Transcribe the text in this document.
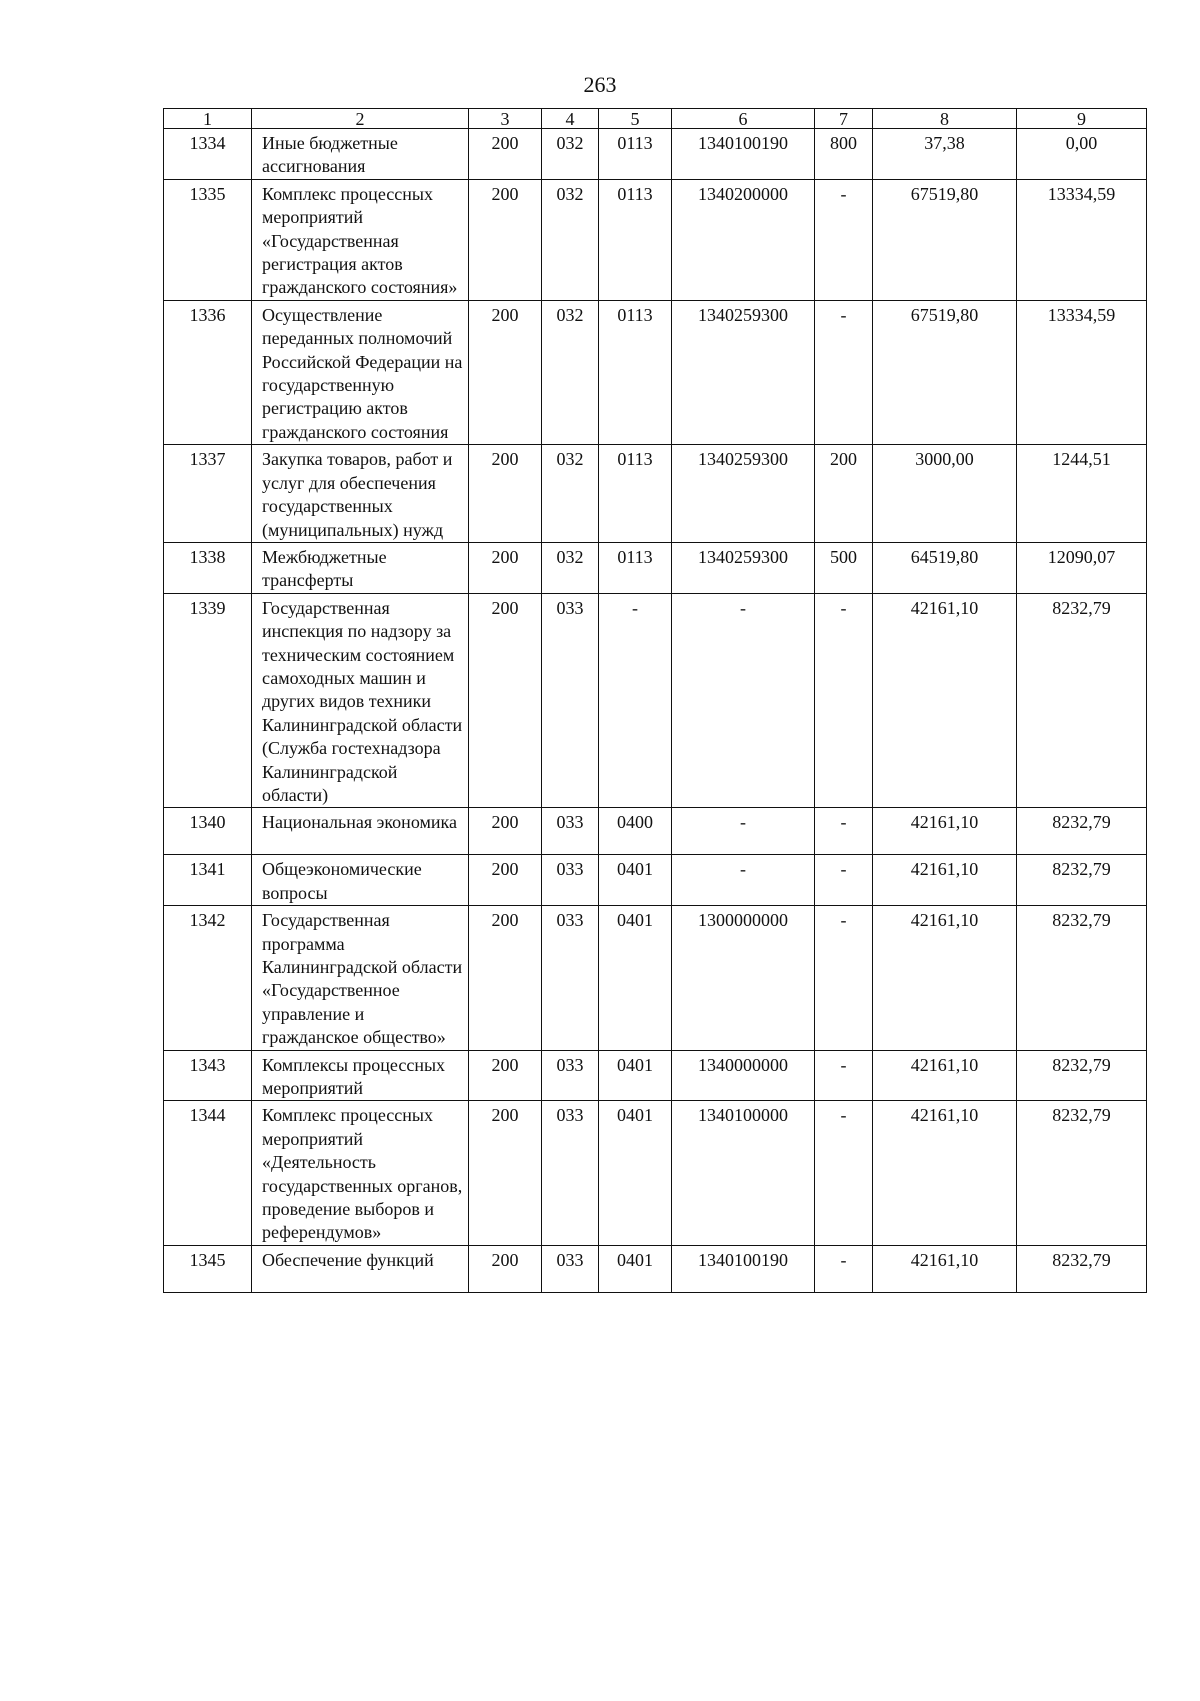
263
1	2	3	4	5	6	7	8	9
1334	Иные бюджетные ассигнования	200	032	0113	1340100190	800	37,38	0,00
1335	Комплекс процессных мероприятий «Государственная регистрация актов гражданского состояния»	200	032	0113	1340200000	-	67519,80	13334,59
1336	Осуществление переданных полномочий Российской Федерации на государственную регистрацию актов гражданского состояния	200	032	0113	1340259300	-	67519,80	13334,59
1337	Закупка товаров, работ и услуг для обеспечения государственных (муниципальных) нужд	200	032	0113	1340259300	200	3000,00	1244,51
1338	Межбюджетные трансферты	200	032	0113	1340259300	500	64519,80	12090,07
1339	Государственная инспекция по надзору за техническим состоянием самоходных машин и других видов техники Калининградской области (Служба гостехнадзора Калининградской области)	200	033	-	-	-	42161,10	8232,79
1340	Национальная экономика	200	033	0400	-	-	42161,10	8232,79
1341	Общеэкономические вопросы	200	033	0401	-	-	42161,10	8232,79
1342	Государственная программа Калининградской области «Государственное управление и гражданское общество»	200	033	0401	1300000000	-	42161,10	8232,79
1343	Комплексы процессных мероприятий	200	033	0401	1340000000	-	42161,10	8232,79
1344	Комплекс процессных мероприятий «Деятельность государственных органов, проведение выборов и референдумов»	200	033	0401	1340100000	-	42161,10	8232,79
1345	Обеспечение функций	200	033	0401	1340100190	-	42161,10	8232,79
